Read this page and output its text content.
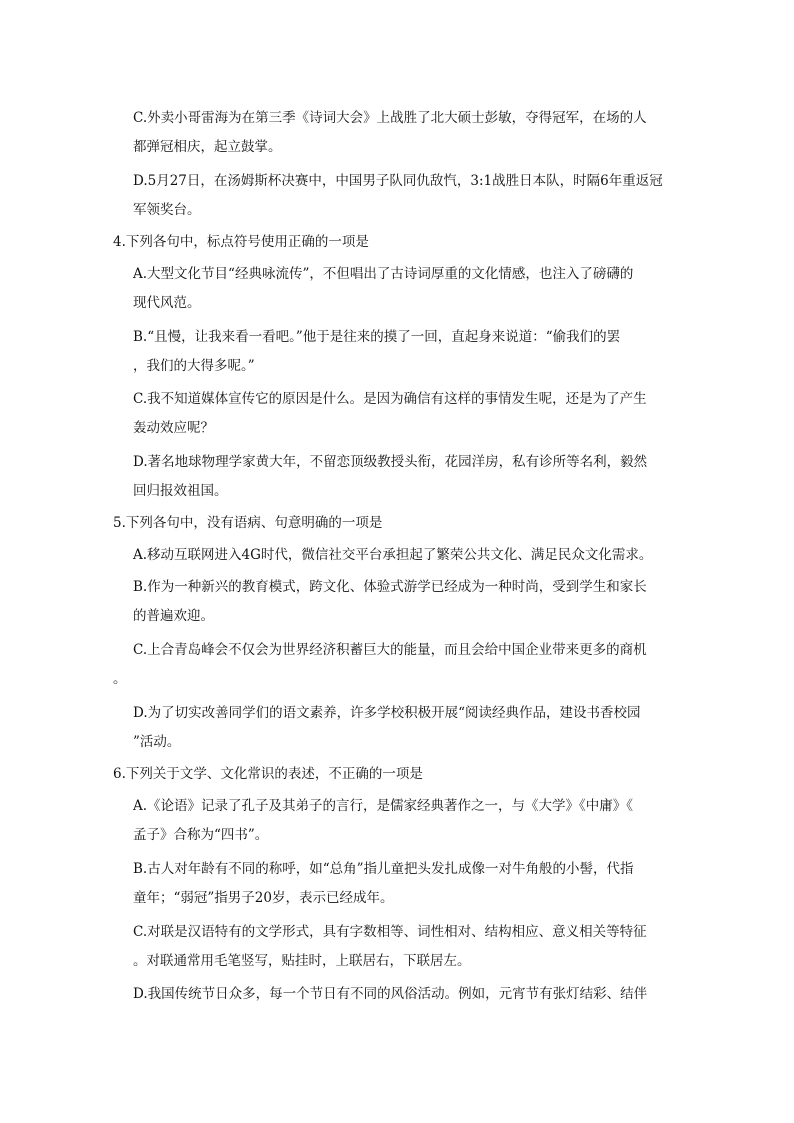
C.外卖小哥雷海为在第三季《诗词大会》上战胜了北大硕士彭敏，夺得冠军，在场的人
都弹冠相庆，起立鼓掌。
D.5月27日，在汤姆斯杯决赛中，中国男子队同仇敌忾，3:1战胜日本队，时隔6年重返冠
军领奖台。
4.下列各句中，标点符号使用正确的一项是
A.大型文化节目“经典咏流传”，不但唱出了古诗词厚重的文化情感，也注入了磅礴的
现代风范。
B.“且慢，让我来看一看吧。”他于是往来的摸了一回，直起身来说道：“偷我们的罢
，我们的大得多呢。”
C.我不知道媒体宣传它的原因是什么。是因为确信有这样的事情发生呢，还是为了产生
轰动效应呢？
D.著名地球物理学家黄大年，不留恋顶级教授头衔，花园洋房，私有诊所等名利，毅然
回归报效祖国。
5.下列各句中，没有语病、句意明确的一项是
A.移动互联网进入4G时代，微信社交平台承担起了繁荣公共文化、满足民众文化需求。
B.作为一种新兴的教育模式，跨文化、体验式游学已经成为一种时尚，受到学生和家长
的普遍欢迎。
C.上合青岛峰会不仅会为世界经济积蓄巨大的能量，而且会给中国企业带来更多的商机
。
D.为了切实改善同学们的语文素养，许多学校积极开展“阅读经典作品，建设书香校园
”活动。
6.下列关于文学、文化常识的表述，不正确的一项是
A.《论语》记录了孔子及其弟子的言行，是儒家经典著作之一，与《大学》《中庸》《
孟子》合称为“四书”。
B.古人对年龄有不同的称呼，如“总角”指儿童把头发扎成像一对牛角般的小髻，代指
童年；“弱冠”指男子20岁，表示已经成年。
C.对联是汉语特有的文学形式，具有字数相等、词性相对、结构相应、意义相关等特征
。对联通常用毛笔竖写，贴挂时，上联居右，下联居左。
D.我国传统节日众多，每一个节日有不同的风俗活动。例如，元宵节有张灯结彩、结伴
